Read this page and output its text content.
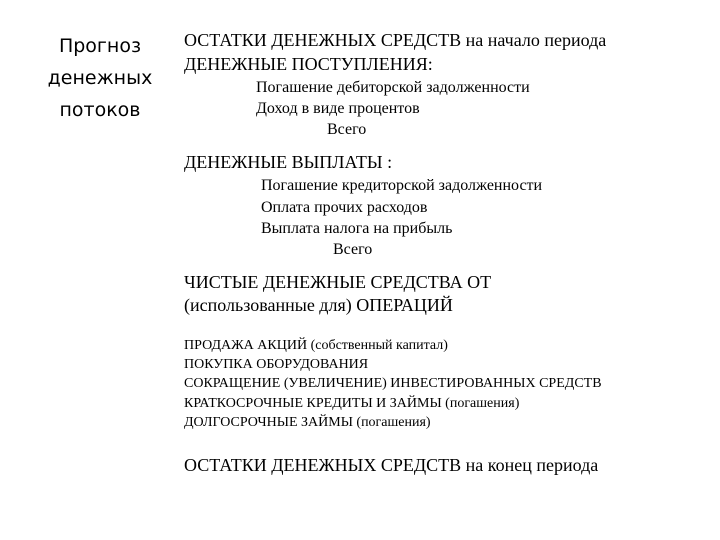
Прогноз
денежных
потоков
ОСТАТКИ ДЕНЕЖНЫХ СРЕДСТВ на начало периода
ДЕНЕЖНЫЕ ПОСТУПЛЕНИЯ:
Погашение дебиторской задолженности
Доход в виде процентов
Всего
ДЕНЕЖНЫЕ ВЫПЛАТЫ :
Погашение кредиторской задолженности
Оплата прочих расходов
Выплата налога на прибыль
Всего
ЧИСТЫЕ ДЕНЕЖНЫЕ СРЕДСТВА ОТ
(использованные для) ОПЕРАЦИЙ
ПРОДАЖА АКЦИЙ (собственный капитал)
ПОКУПКА ОБОРУДОВАНИЯ
СОКРАЩЕНИЕ (УВЕЛИЧЕНИЕ) ИНВЕСТИРОВАННЫХ СРЕДСТВ
КРАТКОСРОЧНЫЕ КРЕДИТЫ И ЗАЙМЫ (погашения)
ДОЛГОСРОЧНЫЕ ЗАЙМЫ (погашения)
ОСТАТКИ ДЕНЕЖНЫХ СРЕДСТВ на конец периода
